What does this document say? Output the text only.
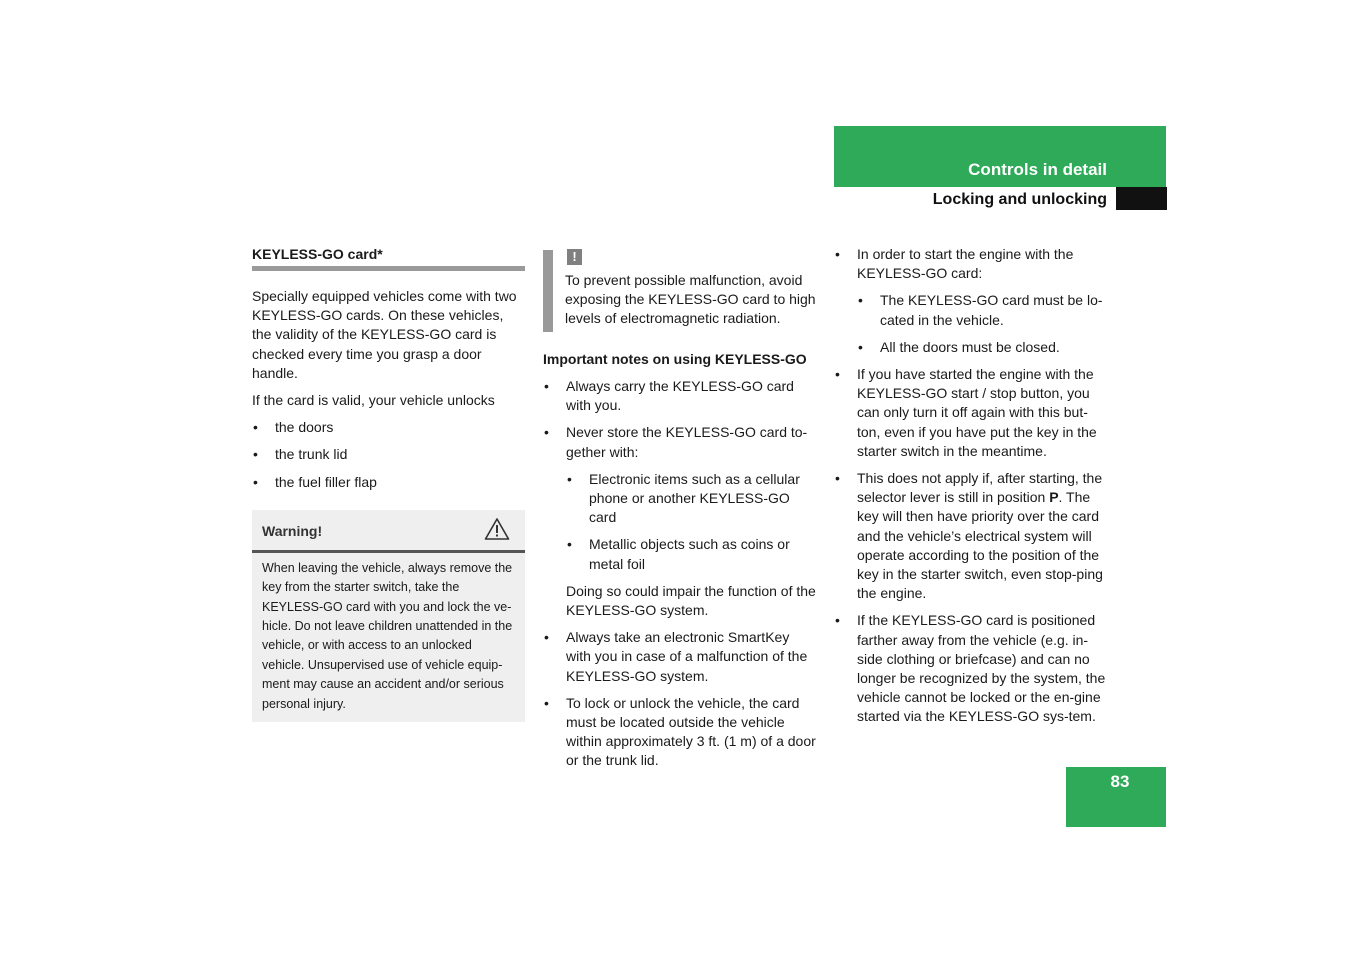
Controls in detail
Locking and unlocking
KEYLESS-GO card*

Specially equipped vehicles come with two KEYLESS-GO cards. On these vehicles, the validity of the KEYLESS-GO card is checked every time you grasp a door handle.

If the card is valid, your vehicle unlocks

• the doors
• the trunk lid
• the fuel filler flap
Warning!
When leaving the vehicle, always remove the key from the starter switch, take the KEYLESS-GO card with you and lock the ve-hicle. Do not leave children unattended in the vehicle, or with access to an unlocked vehicle. Unsupervised use of vehicle equip-ment may cause an accident and/or serious personal injury.
!
To prevent possible malfunction, avoid exposing the KEYLESS-GO card to high levels of electromagnetic radiation.
Important notes on using KEYLESS-GO
• Always carry the KEYLESS-GO card with you.
• Never store the KEYLESS-GO card to-gether with:
• Electronic items such as a cellular phone or another KEYLESS-GO card
• Metallic objects such as coins or metal foil
Doing so could impair the function of the KEYLESS-GO system.
• Always take an electronic SmartKey with you in case of a malfunction of the KEYLESS-GO system.
• To lock or unlock the vehicle, the card must be located outside the vehicle within approximately 3 ft. (1 m) of a door or the trunk lid.
• In order to start the engine with the KEYLESS-GO card:
• The KEYLESS-GO card must be lo-cated in the vehicle.
• All the doors must be closed.
• If you have started the engine with the KEYLESS-GO start / stop button, you can only turn it off again with this but-ton, even if you have put the key in the starter switch in the meantime.
• This does not apply if, after starting, the selector lever is still in position P. The key will then have priority over the card and the vehicle’s electrical system will operate according to the position of the key in the starter switch, even stop-ping the engine.
• If the KEYLESS-GO card is positioned farther away from the vehicle (e.g. in-side clothing or briefcase) and can no longer be recognized by the system, the vehicle cannot be locked or the en-gine started via the KEYLESS-GO sys-tem.
83
